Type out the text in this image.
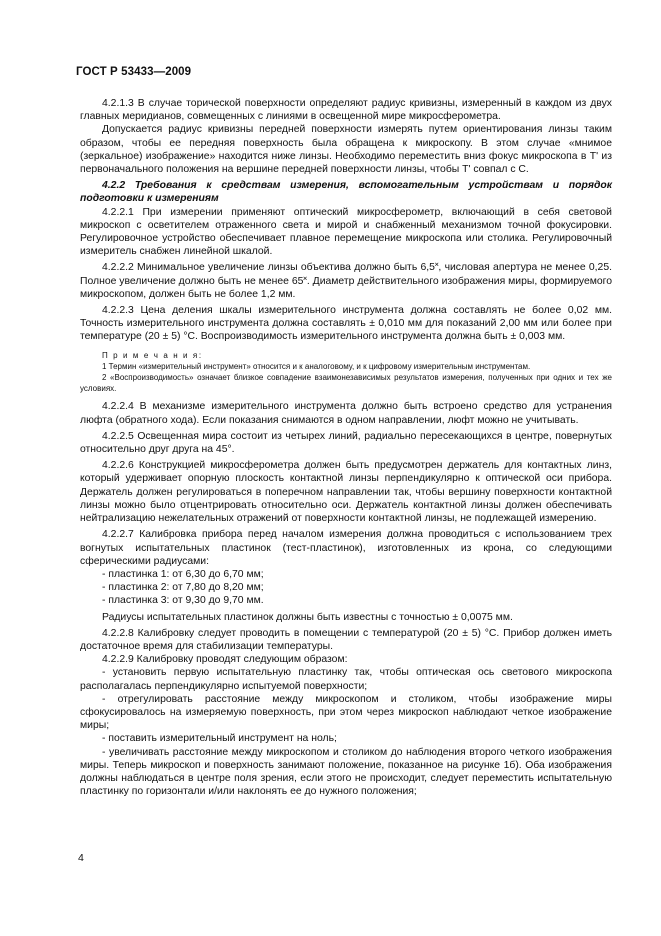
ГОСТ Р 53433—2009

4.2.1.3 В случае торической поверхности определяют радиус кривизны, измеренный в каждом из двух главных меридианов, совмещенных с линиями в освещенной мире микросферометра.

Допускается радиус кривизны передней поверхности измерять путем ориентирования линзы таким образом, чтобы ее передняя поверхность была обращена к микроскопу. В этом случае «мнимое (зеркальное) изображение» находится ниже линзы. Необходимо переместить вниз фокус микроскопа в T' из первоначального положения на вершине передней поверхности линзы, чтобы T' совпал с C.

4.2.2 Требования к средствам измерения, вспомогательным устройствам и порядок подготовки к измерениям

4.2.2.1 При измерении применяют оптический микросферометр, включающий в себя световой микроскоп с осветителем отраженного света и мирой и снабженный механизмом точной фокусировки. Регулировочное устройство обеспечивает плавное перемещение микроскопа или столика. Регулировочный измеритель снабжен линейной шкалой.

4.2.2.2 Минимальное увеличение линзы объектива должно быть 6,5˟, числовая апертура не менее 0,25. Полное увеличение должно быть не менее 65˟. Диаметр действительного изображения миры, формируемого микроскопом, должен быть не более 1,2 мм.

4.2.2.3 Цена деления шкалы измерительного инструмента должна составлять не более 0,02 мм. Точность измерительного инструмента должна составлять ± 0,010 мм для показаний 2,00 мм или более при температуре (20 ± 5) °С. Воспроизводимость измерительного инструмента должна быть ± 0,003 мм.

П р и м е ч а н и я:

1 Термин «измерительный инструмент» относится и к аналоговому, и к цифровому измерительным инструментам.

2 «Воспроизводимость» означает близкое совпадение взаимонезависимых результатов измерения, полученных при одних и тех же условиях.

4.2.2.4 В механизме измерительного инструмента должно быть встроено средство для устранения люфта (обратного хода). Если показания снимаются в одном направлении, люфт можно не учитывать.

4.2.2.5 Освещенная мира состоит из четырех линий, радиально пересекающихся в центре, повернутых относительно друг друга на 45°.

4.2.2.6 Конструкцией микросферометра должен быть предусмотрен держатель для контактных линз, который удерживает опорную плоскость контактной линзы перпендикулярно к оптической оси прибора. Держатель должен регулироваться в поперечном направлении так, чтобы вершину поверхности контактной линзы можно было отцентрировать относительно оси. Держатель контактной линзы должен обеспечивать нейтрализацию нежелательных отражений от поверхности контактной линзы, не подлежащей измерению.

4.2.2.7 Калибровка прибора перед началом измерения должна проводиться с использованием трех вогнутых испытательных пластинок (тест-пластинок), изготовленных из крона, со следующими сферическими радиусами:

- пластинка 1: от 6,30 до 6,70 мм;

- пластинка 2: от 7,80 до 8,20 мм;

- пластинка 3: от 9,30 до 9,70 мм.

Радиусы испытательных пластинок должны быть известны с точностью ± 0,0075 мм.

4.2.2.8 Калибровку следует проводить в помещении с температурой (20 ± 5) °С. Прибор должен иметь достаточное время для стабилизации температуры.

4.2.2.9 Калибровку проводят следующим образом:

- установить первую испытательную пластинку так, чтобы оптическая ось светового микроскопа располагалась перпендикулярно испытуемой поверхности;

- отрегулировать расстояние между микроскопом и столиком, чтобы изображение миры сфокусировалось на измеряемую поверхность, при этом через микроскоп наблюдают четкое изображение миры;

- поставить измерительный инструмент на ноль;

- увеличивать расстояние между микроскопом и столиком до наблюдения второго четкого изображения миры. Теперь микроскоп и поверхность занимают положение, показанное на рисунке 1б). Оба изображения должны наблюдаться в центре поля зрения, если этого не происходит, следует переместить испытательную пластинку по горизонтали и/или наклонять ее до нужного положения;

4
